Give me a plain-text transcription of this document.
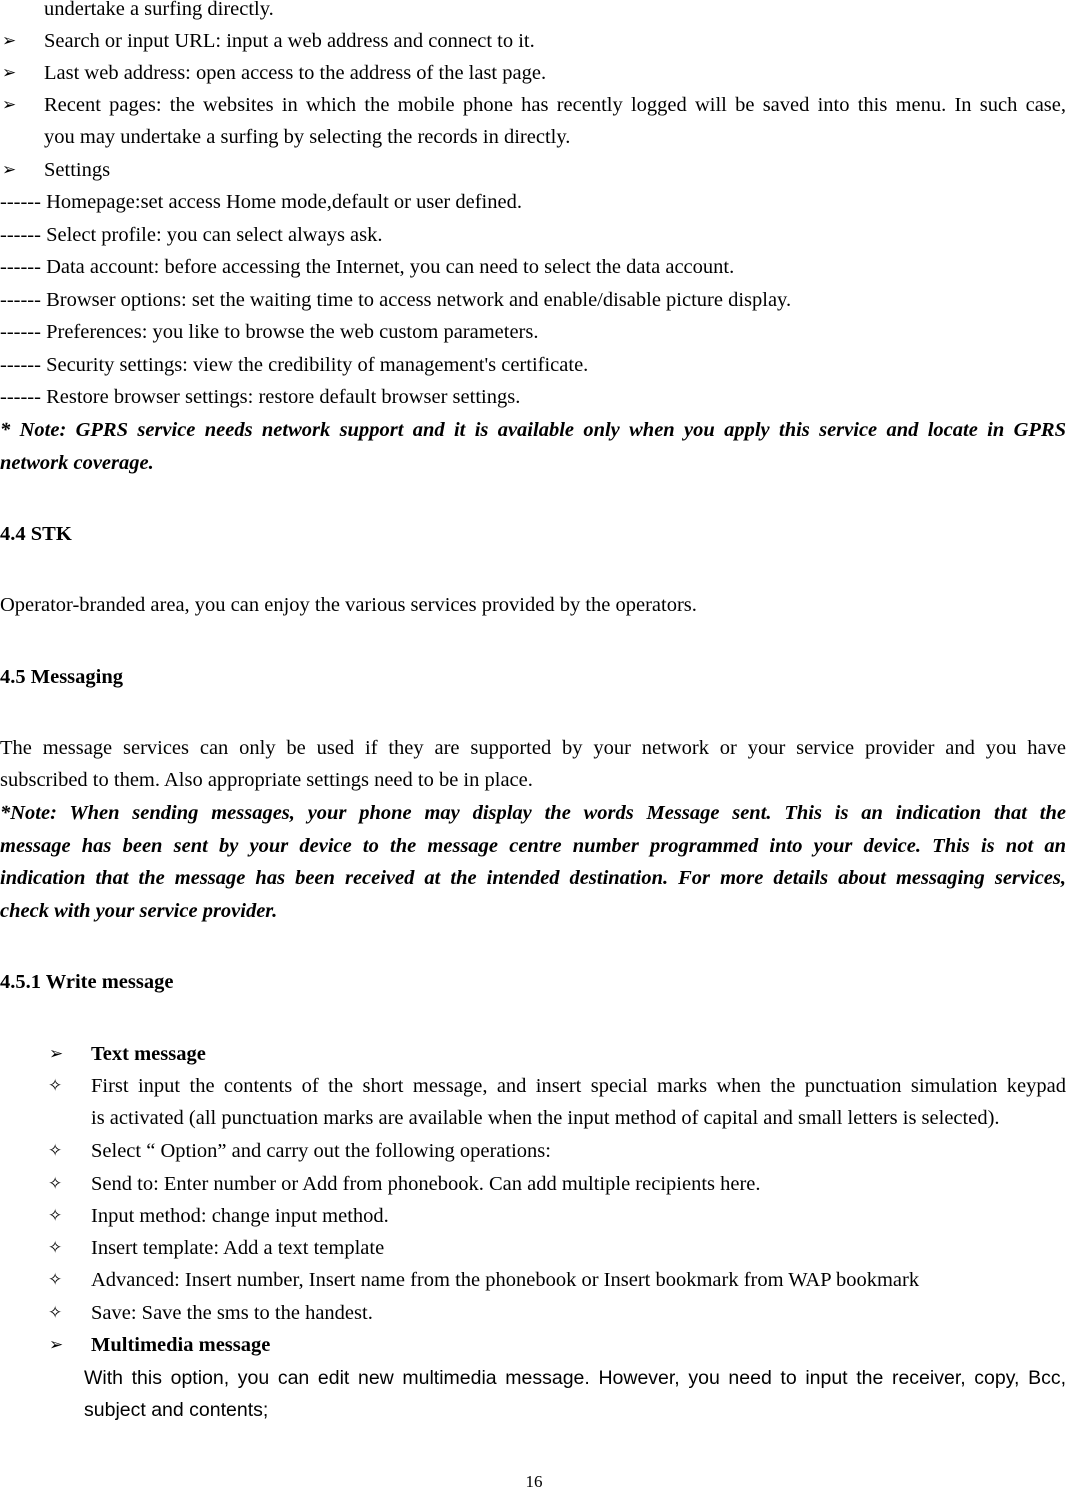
undertake a surfing directly.
➢ Search or input URL: input a web address and connect to it.
➢ Last web address: open access to the address of the last page.
➢ Recent pages: the websites in which the mobile phone has recently logged will be saved into this menu. In such case,
you may undertake a surfing by selecting the records in directly.
➢ Settings
------ Homepage:set access Home mode,default or user defined.
------ Select profile: you can select always ask.
------ Data account: before accessing the Internet, you can need to select the data account.
------ Browser options: set the waiting time to access network and enable/disable picture display.
------ Preferences: you like to browse the web custom parameters.
------ Security settings: view the credibility of management's certificate.
------ Restore browser settings: restore default browser settings.
* Note: GPRS service needs network support and it is available only when you apply this service and locate in GPRS
network coverage.
4.4 STK
Operator-branded area, you can enjoy the various services provided by the operators.
4.5 Messaging
The message services can only be used if they are supported by your network or your service provider and you have
subscribed to them. Also appropriate settings need to be in place.
*Note: When sending messages, your phone may display the words Message sent. This is an indication that the
message has been sent by your device to the message centre number programmed into your device. This is not an
indication that the message has been received at the intended destination. For more details about messaging services,
check with your service provider.
4.5.1 Write message
➢ Text message
✧ First input the contents of the short message, and insert special marks when the punctuation simulation keypad
is activated (all punctuation marks are available when the input method of capital and small letters is selected).
✧ Select “ Option” and carry out the following operations:
✧ Send to: Enter number or Add from phonebook. Can add multiple recipients here.
✧ Input method: change input method.
✧ Insert template: Add a text template
✧ Advanced: Insert number, Insert name from the phonebook or Insert bookmark from WAP bookmark
✧ Save: Save the sms to the handest.
➢ Multimedia message
With this option, you can edit new multimedia message. However, you need to input the receiver, copy, Bcc,
subject and contents;
16
